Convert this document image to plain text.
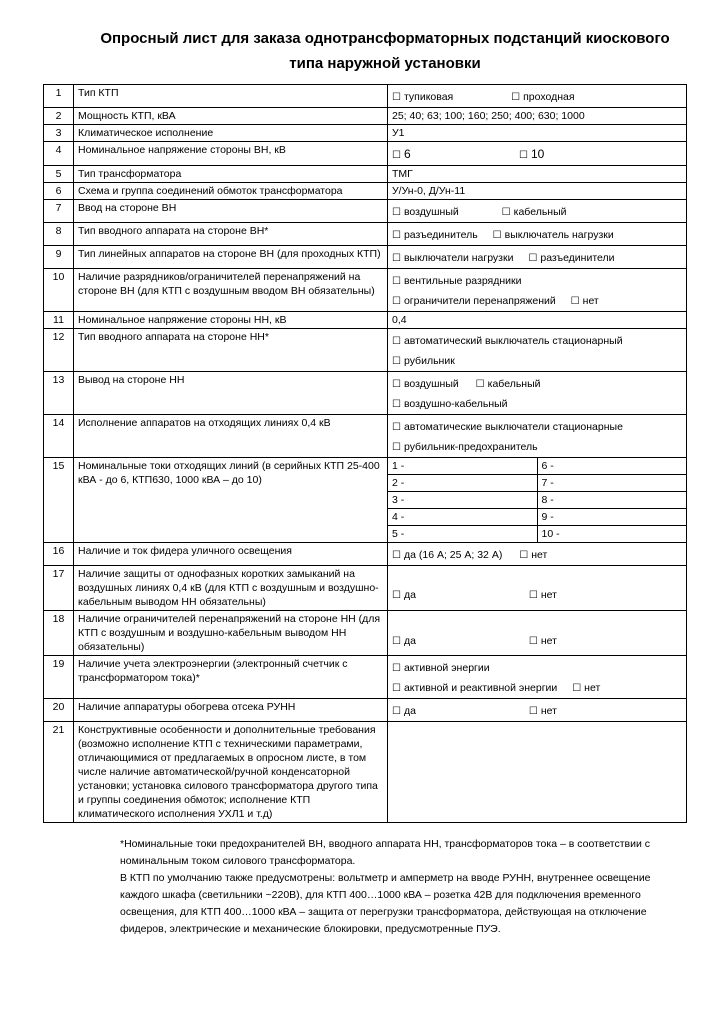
Опросный лист для заказа однотрансформаторных подстанций киоскового
типа наружной установки
1	Тип КТП	
☐тупиковая	☐ проходная

2	Мощность КТП, кВА	25; 40; 63; 100; 160; 250; 400; 630; 1000
3	Климатическое исполнение	У1
4	Номинальное напряжение стороны ВН, кВ	
☐6	☐ 10

5	Тип трансформатора	ТМГ
6	Схема и группа соединений обмоток трансформатора	У/Ун-0, Д/Ун-11
7	Ввод на стороне ВН	
☐воздушный	☐ кабельный

8	Тип вводного аппарата на стороне ВН*	
☐разъединитель	☐ выключатель нагрузки

9	Тип линейных аппаратов на стороне ВН (для проходных КТП)	
☐выключатели нагрузки	☐ разъединители

10	Наличие разрядников/ограничителей перенапряжений на стороне ВН (для КТП с воздушным вводом ВН обязательны)	
☐ вентильные разрядники
☐ ограничители перенапряжений	☐ нет

11	Номинальное напряжение стороны НН, кВ	0,4
12	Тип вводного аппарата на стороне НН*	
☐автоматический выключатель стационарный
☐ рубильник

13	Вывод на стороне НН	
☐воздушный	☐ кабельный
☐ воздушно-кабельный

14	Исполнение аппаратов на отходящих линиях 0,4 кВ	
☐автоматические выключатели стационарные
☐ рубильник-предохранитель

15	Номинальные токи отходящих линий (в серийных КТП 25-400 кВА - до 6, КТП630, 1000 кВА – до 10)	
1 -	6 -
2 -	7 -
3 -	8 -
4 -	9 -
5 -	10 -

16	Наличие и ток фидера уличного освещения	
☐да (16 А; 25 А; 32 А)	☐ нет

17	Наличие защиты от однофазных коротких замыканий на воздушных линиях 0,4 кВ (для КТП с воздушным и воздушно-кабельным выводом НН обязательны)	
☐ да	☐ нет

18	Наличие ограничителей перенапряжений на стороне НН (для КТП с воздушным и воздушно-кабельным выводом НН обязательны)	
☐да	☐ нет

19	Наличие учета электроэнергии (электронный счетчик с трансформатором тока)*	
☐ активной энергии
☐ активной и реактивной энергии	☐ нет

20	Наличие аппаратуры обогрева отсека РУНН	
☐да	☐ нет

21	Конструктивные особенности и дополнительные требования (возможно исполнение КТП с техническими параметрами, отличающимися от предлагаемых в опросном листе, в том числе наличие автоматической/ручной конденсаторной установки; установка силового трансформатора другого типа и группы соединения обмоток; исполнение КТП климатического исполнения УХЛ1 и т.д)	

*Номинальные токи предохранителей ВН, вводного аппарата НН, трансформаторов тока – в соответствии с номинальным током силового трансформатора.

В КТП по умолчанию также предусмотрены: вольтметр и амперметр на вводе РУНН, внутреннее освещение каждого шкафа (светильники ~220В), для КТП 400…1000 кВА – розетка 42В для подключения временного освещения, для КТП 400…1000 кВА – защита от перегрузки трансформатора, действующая на отключение фидеров, электрические и механические блокировки, предусмотренные ПУЭ.
